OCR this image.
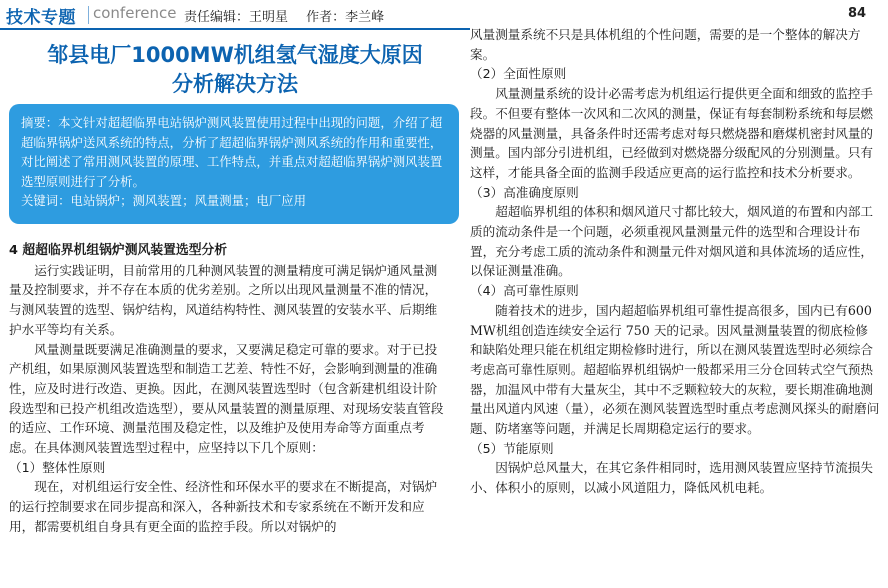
技术专题 conference 责任编辑：王明星 作者：李兰峰	84
邹县电厂1000MW机组氢气湿度大原因
分析解决方法

摘要：本文针对超超临界电站锅炉测风装置使用过程中出现的问题，介绍了超超临界锅炉送风系统的特点，分析了超超临界锅炉测风系统的作用和重要性，对比阐述了常用测风装置的原理、工作特点，并重点对超超临界锅炉测风装置选型原则进行了分析。

关键词：电站锅炉；测风装置；风量测量；电厂应用

4 超超临界机组锅炉测风装置选型分析

运行实践证明，目前常用的几种测风装置的测量精度可满足锅炉通风量测量及控制要求，并不存在本质的优劣差别。之所以出现风量测量不准的情况，与测风装置的选型、锅炉结构，风道结构特性、测风装置的安装水平、后期维护水平等均有关系。

风量测量既要满足准确测量的要求，又要满足稳定可靠的要求。对于已投产机组，如果原测风装置选型和制造工艺差、特性不好，会影响到测量的准确性，应及时进行改造、更换。因此，在测风装置选型时（包含新建机组设计阶段选型和已投产机组改造选型），要从风量装置的测量原理、对现场安装直管段的适应、工作环境、测量范围及稳定性，以及维护及使用寿命等方面重点考虑。在具体测风装置选型过程中，应坚持以下几个原则：

（1）整体性原则

现在，对机组运行安全性、经济性和环保水平的要求在不断提高，对锅炉的运行控制要求在同步提高和深入，各种新技术和专家系统在不断开发和应用，都需要机组自身具有更全面的监控手段。所以对锅炉的

风量测量系统不只是具体机组的个性问题，需要的是一个整体的解决方案。

（2）全面性原则

风量测量系统的设计必需考虑为机组运行提供更全面和细致的监控手段。不但要有整体一次风和二次风的测量，保证有每套制粉系统和每层燃烧器的风量测量，具备条件时还需考虑对每只燃烧器和磨煤机密封风量的测量。国内部分引进机组，已经做到对燃烧器分级配风的分别测量。只有这样，才能具备全面的监测手段适应更高的运行监控和技术分析要求。

（3）高准确度原则

超超临界机组的体积和烟风道尺寸都比较大，烟风道的布置和内部工质的流动条件是一个问题，必须重视风量测量元件的选型和合理设计布置，充分考虑工质的流动条件和测量元件对烟风道和具体流场的适应性，以保证测量准确。

（4）高可靠性原则

随着技术的进步，国内超超临界机组可靠性提高很多，国内已有600 MW机组创造连续安全运行 750 天的记录。因风量测量装置的彻底检修和缺陷处理只能在机组定期检修时进行，所以在测风装置选型时必须综合考虑高可靠性原则。超超临界机组锅炉一般都采用三分仓回转式空气预热器，加温风中带有大量灰尘，其中不乏颗粒较大的灰粒，要长期准确地测量出风道内风速（量），必须在测风装置选型时重点考虑测风探头的耐磨问题、防堵塞等问题，并满足长周期稳定运行的要求。

（5）节能原则

因锅炉总风量大，在其它条件相同时，选用测风装置应坚持节流损失小、体积小的原则，以减小风道阻力，降低风机电耗。
